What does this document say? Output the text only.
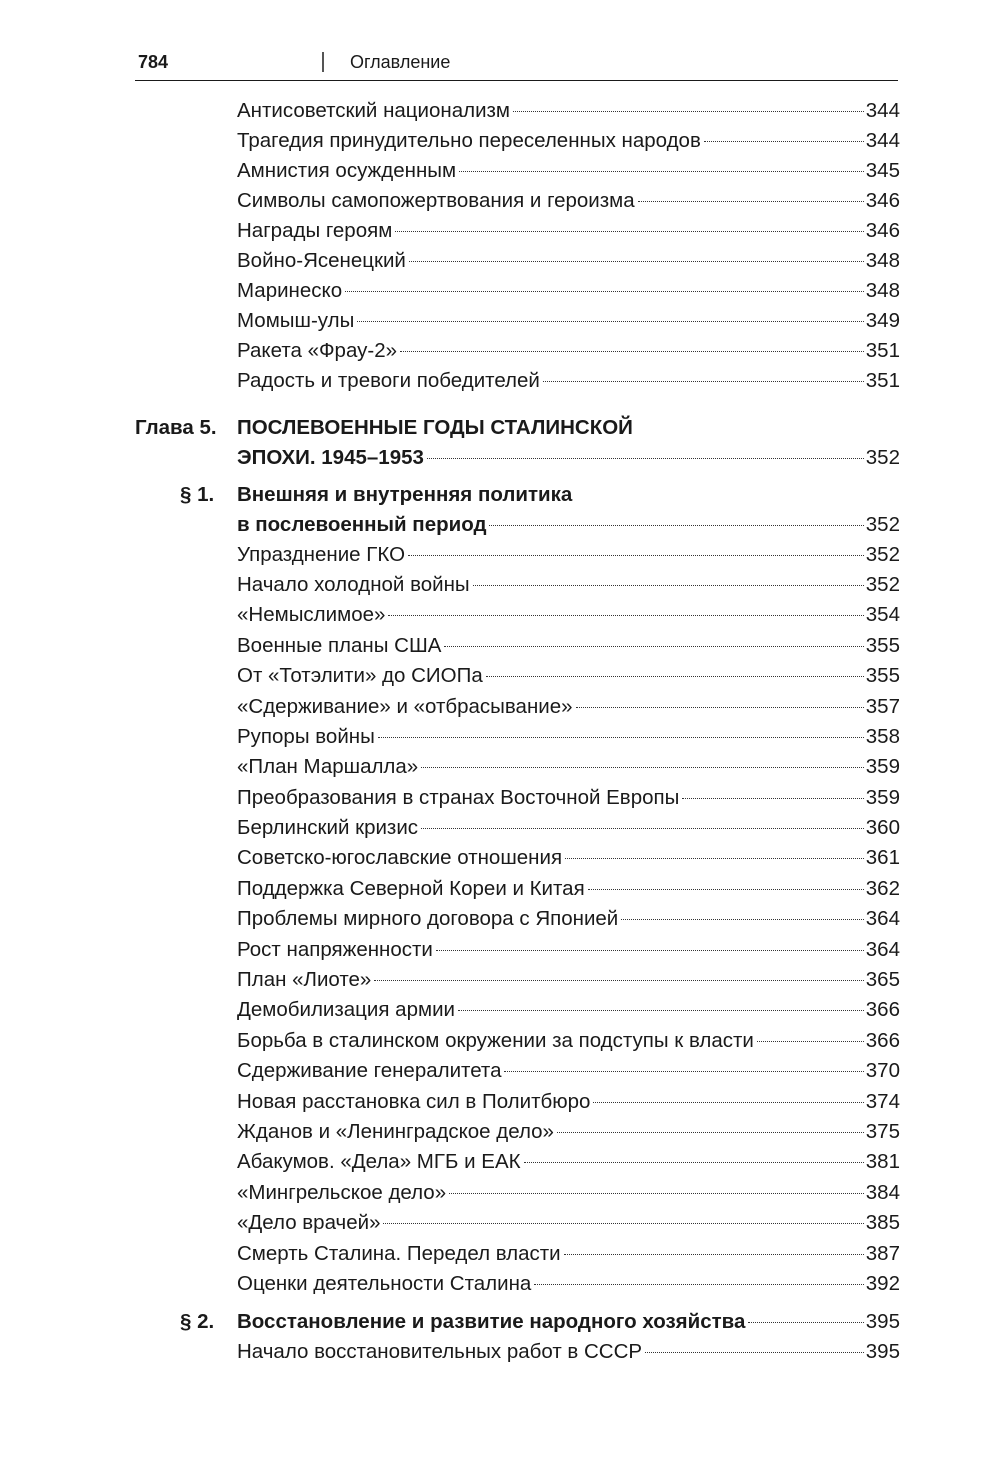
784	Оглавление
Антисоветский национализм	344
Трагедия принудительно переселенных народов	344
Амнистия осужденным	345
Символы самопожертвования и героизма	346
Награды героям	346
Войно-Ясенецкий	348
Маринеско	348
Момыш-улы	349
Ракета «Фрау-2»	351
Радость и тревоги победителей	351
Глава 5. ПОСЛЕВОЕННЫЕ ГОДЫ СТАЛИНСКОЙ
ЭПОХИ. 1945–1953	352
§ 1. Внешняя и внутренняя политика
в послевоенный период	352
Упразднение ГКО	352
Начало холодной войны	352
«Немыслимое»	354
Военные планы США	355
От «Тотэлити» до СИОПа	355
«Сдерживание» и «отбрасывание»	357
Рупоры войны	358
«План Маршалла»	359
Преобразования в странах Восточной Европы	359
Берлинский кризис	360
Советско-югославские отношения	361
Поддержка Северной Кореи и Китая	362
Проблемы мирного договора с Японией	364
Рост напряженности	364
План «Лиоте»	365
Демобилизация армии	366
Борьба в сталинском окружении за подступы к власти	366
Сдерживание генералитета	370
Новая расстановка сил в Политбюро	374
Жданов и «Ленинградское дело»	375
Абакумов. «Дела» МГБ и ЕАК	381
«Мингрельское дело»	384
«Дело врачей»	385
Смерть Сталина. Передел власти	387
Оценки деятельности Сталина	392
§ 2. Восстановление и развитие народного хозяйства	395
Начало восстановительных работ в СССР	395
